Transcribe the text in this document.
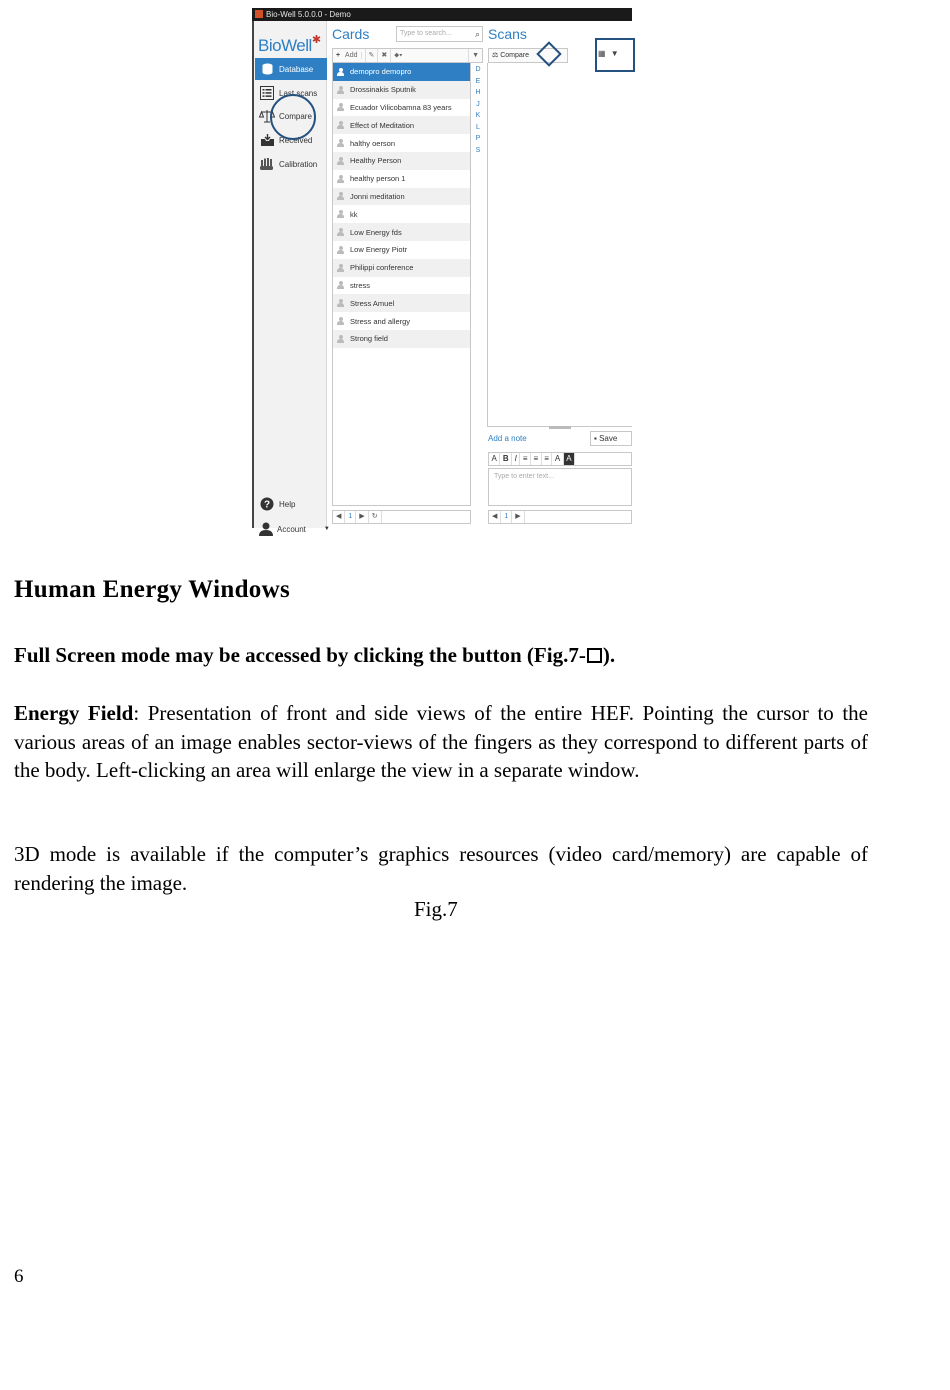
Bio-Well 5.0.0.0 - Demo
BioWell✱
Database
Last scans
Compare
Received
Calibration
? Help
Account	▼
Cards	Type to search...	⌕
+ Add	✎	✖	⬥▾	▼
demopro demopro
Drossinakis Sputnik
Ecuador Vilicobamna 83 years
Effect of Meditation
halthy oerson
Healthy Person
healthy person 1
Jonni meditation
kk
Low Energy fds
Low Energy Piotr
Philippi conference
stress
Stress Amuel
Stress and allergy
Strong field
D
E
H
J
K
L
P
S
◀	1	▶	↻
Scans
⚖ Compare	▦ ▼
Add a note	▪ Save
A B I ≡ ≡ ≡ A A
Type to enter text...
◀	1	▶
Human Energy Windows
Full Screen mode may be accessed by clicking the button (Fig.7- ).
Energy Field: Presentation of front and side views of the entire HEF. Pointing the cursor to the various areas of an image enables sector-views of the fingers as they correspond to different parts of the body. Left-clicking an area will enlarge the view in a separate window.
3D mode is available if the computer’s graphics resources (video card/memory) are capable of rendering the image.
Fig.7
6
